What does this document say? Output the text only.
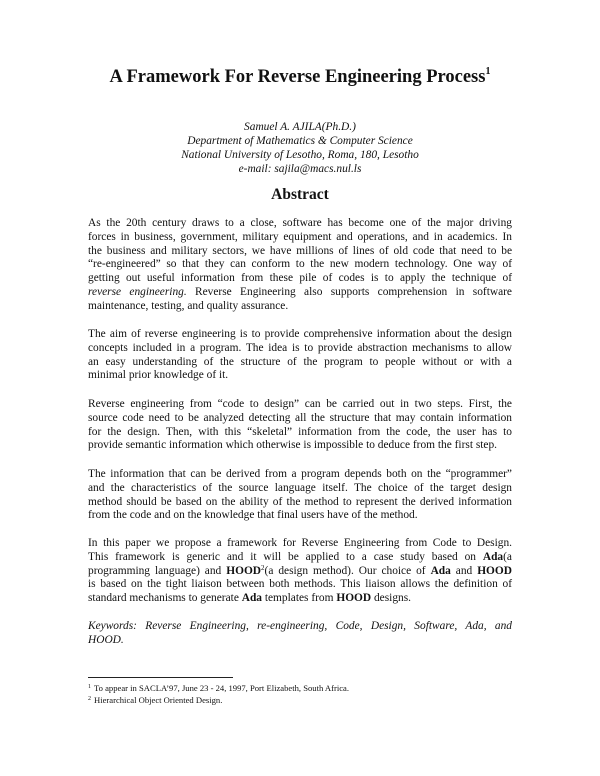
A Framework For Reverse Engineering Process$^1$
Samuel A. AJILA(Ph.D.)
Department of Mathematics & Computer Science
National University of Lesotho, Roma, 180, Lesotho
e-mail: sajila@macs.nul.ls
Abstract
As the 20th century draws to a close, software has become one of the major driving
forces in business, government, military equipment and operations, and in academics. In
the business and military sectors, we have millions of lines of old code that need to be
“re-engineered” so that they can conform to the new modern technology. One way of
getting out useful information from these pile of codes is to apply the technique of
reverse engineering. Reverse Engineering also supports comprehension in software
maintenance, testing, and quality assurance.
The aim of reverse engineering is to provide comprehensive information about the design
concepts included in a program. The idea is to provide abstraction mechanisms to allow
an easy understanding of the structure of the program to people without or with a
minimal prior knowledge of it.
Reverse engineering from “code to design” can be carried out in two steps. First, the
source code need to be analyzed detecting all the structure that may contain information
for the design. Then, with this “skeletal” information from the code, the user has to
provide semantic information which otherwise is impossible to deduce from the first step.
The information that can be derived from a program depends both on the “programmer”
and the characteristics of the source language itself. The choice of the target design
method should be based on the ability of the method to represent the derived information
from the code and on the knowledge that final users have of the method.
In this paper we propose a framework for Reverse Engineering from Code to Design.
This framework is generic and it will be applied to a case study based on Ada(a
programming language) and HOOD$^2$(a design method). Our choice of Ada and HOOD
is based on the tight liaison between both methods. This liaison allows the definition of
standard mechanisms to generate Ada templates from HOOD designs.
Keywords: Reverse Engineering, re-engineering, Code, Design, Software, Ada, and
HOOD.
$^1$ To appear in SACLA’97, June 23 - 24, 1997, Port Elizabeth, South Africa.
$^2$ Hierarchical Object Oriented Design.
